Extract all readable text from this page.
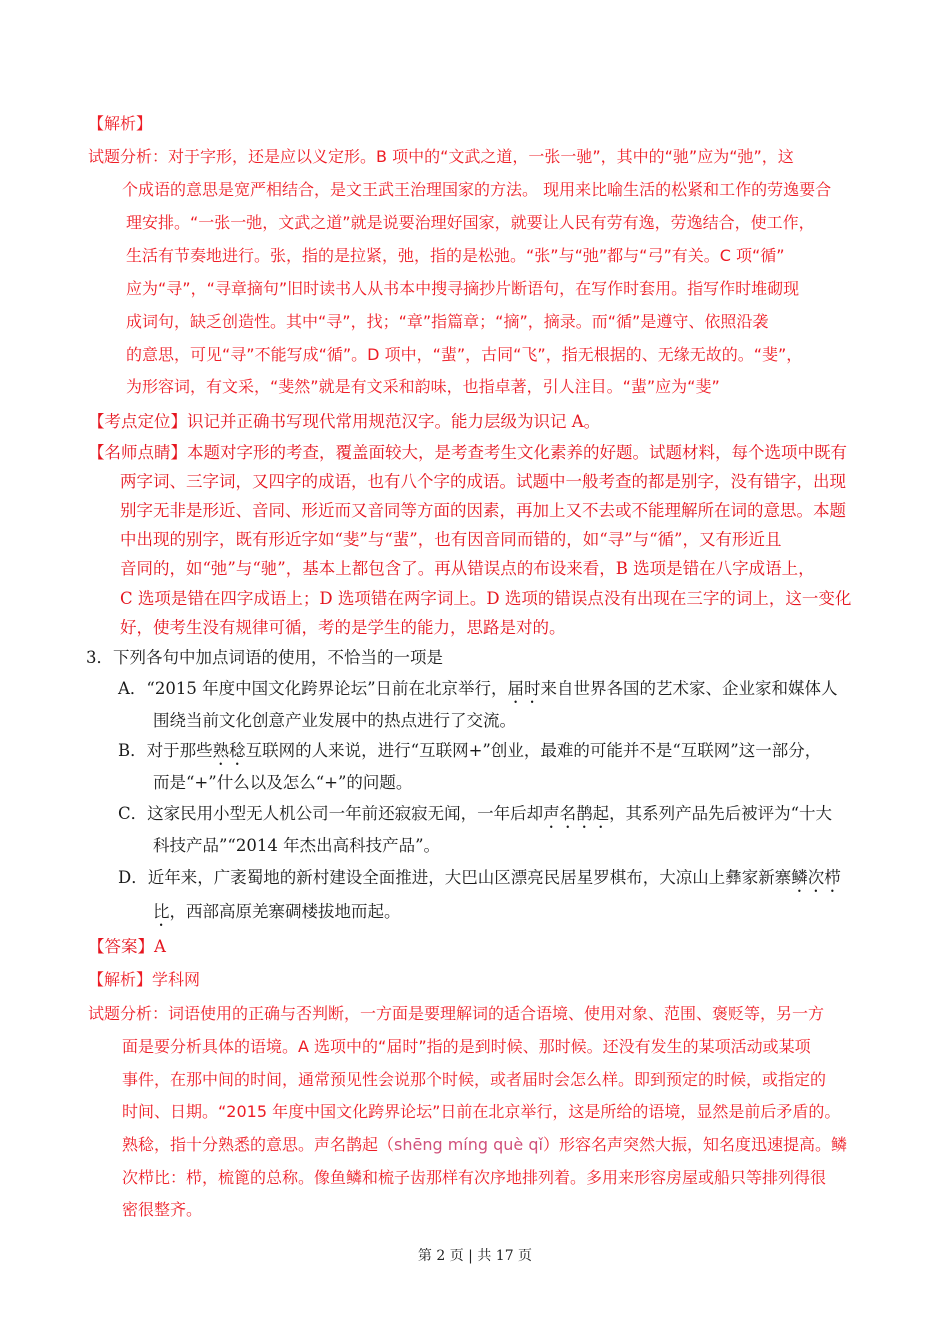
【解析】
试题分析：对于字形，还是应以义定形。B 项中的“文武之道，一张一驰”，其中的“驰”应为“弛”，这
个成语的意思是宽严相结合，是文王武王治理国家的方法。 现用来比喻生活的松紧和工作的劳逸要合
理安排。“一张一弛，文武之道”就是说要治理好国家，就要让人民有劳有逸，劳逸结合，使工作，
生活有节奏地进行。张，指的是拉紧，弛，指的是松弛。“张”与“弛”都与“弓”有关。C 项“循”
应为“寻”，“寻章摘句”旧时读书人从书本中搜寻摘抄片断语句，在写作时套用。指写作时堆砌现
成词句，缺乏创造性。其中“寻”，找；“章”指篇章；“摘”，摘录。而“循”是遵守、依照沿袭
的意思，可见“寻”不能写成“循”。D 项中，“蜚”，古同“飞”，指无根据的、无缘无故的。“斐”，
为形容词，有文采，“斐然”就是有文采和韵味，也指卓著，引人注目。“蜚”应为“斐”
【考点定位】识记并正确书写现代常用规范汉字。能力层级为识记 A。
【名师点睛】本题对字形的考查，覆盖面较大，是考查考生文化素养的好题。试题材料，每个选项中既有
两字词、三字词，又四字的成语，也有八个字的成语。试题中一般考查的都是别字，没有错字，出现
别字无非是形近、音同、形近而又音同等方面的因素，再加上又不去或不能理解所在词的意思。本题
中出现的别字，既有形近字如“斐”与“蜚”，也有因音同而错的，如“寻”与“循”，又有形近且
音同的，如“弛”与“驰”，基本上都包含了。再从错误点的布设来看，B 选项是错在八字成语上，
C 选项是错在四字成语上；D 选项错在两字词上。D 选项的错误点没有出现在三字的词上，这一变化
好，使考生没有规律可循，考的是学生的能力，思路是对的。
3．下列各句中加点词语的使用，不恰当的一项是
A．“2015 年度中国文化跨界论坛”日前在北京举行，届时来自世界各国的艺术家、企业家和媒体人
围绕当前文化创意产业发展中的热点进行了交流。
B．对于那些熟稔互联网的人来说，进行“互联网+”创业，最难的可能并不是“互联网”这一部分，
而是“+”什么以及怎么“+”的问题。
C．这家民用小型无人机公司一年前还寂寂无闻，一年后却声名鹊起，其系列产品先后被评为“十大
科技产品”“2014 年杰出高科技产品”。
D．近年来，广袤蜀地的新村建设全面推进，大巴山区漂亮民居星罗棋布，大凉山上彝家新寨鳞次栉
比，西部高原羌寨碉楼拔地而起。
【答案】A
【解析】学科网
试题分析：词语使用的正确与否判断，一方面是要理解词的适合语境、使用对象、范围、褒贬等，另一方
面是要分析具体的语境。A 选项中的“届时”指的是到时候、那时候。还没有发生的某项活动或某项
事件，在那中间的时间，通常预见性会说那个时候，或者届时会怎么样。即到预定的时候，或指定的
时间、日期。“2015 年度中国文化跨界论坛”日前在北京举行，这是所给的语境，显然是前后矛盾的。
熟稔，指十分熟悉的意思。声名鹊起（shēng míng què qǐ）形容名声突然大振，知名度迅速提高。鳞
次栉比：栉，梳篦的总称。像鱼鳞和梳子齿那样有次序地排列着。多用来形容房屋或船只等排列得很
密很整齐。
第 2 页 | 共 17 页
